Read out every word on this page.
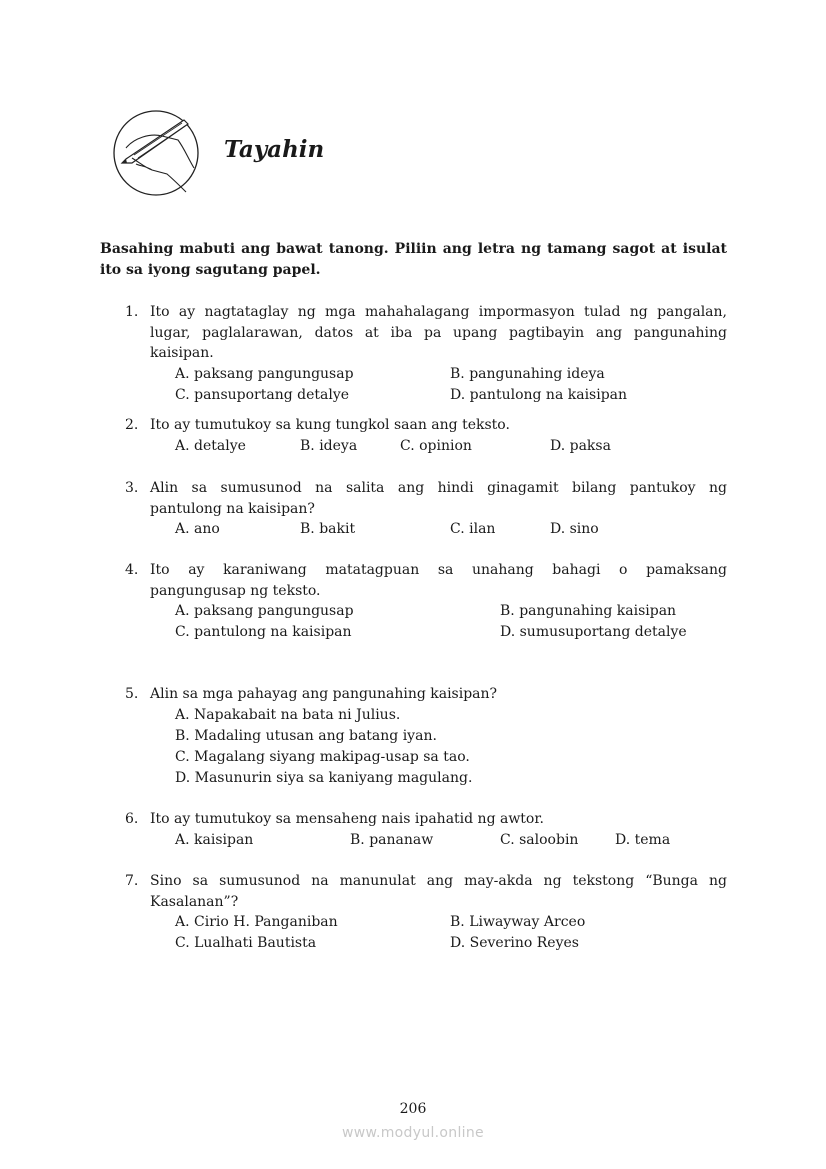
Tayahin
Basahing mabuti ang bawat tanong. Piliin ang letra ng tamang sagot at isulat
ito sa iyong sagutang papel.
1. Ito ay nagtataglay ng mga mahahalagang impormasyon tulad ng pangalan,
lugar, paglalarawan, datos at iba pa upang pagtibayin ang pangunahing
kaisipan.
A. paksang pangungusap	B. pangunahing ideya
C. pansuportang detalye	D. pantulong na kaisipan
2. Ito ay tumutukoy sa kung tungkol saan ang teksto.
A. detalye	B. ideya	C. opinion	D. paksa
3. Alin sa sumusunod na salita ang hindi ginagamit bilang pantukoy ng
pantulong na kaisipan?
A. ano	B. bakit	C. ilan	D. sino
4. Ito ay karaniwang matatagpuan sa unahang bahagi o pamaksang
pangungusap ng teksto.
A. paksang pangungusap	B. pangunahing kaisipan
C. pantulong na kaisipan	D. sumusuportang detalye
5. Alin sa mga pahayag ang pangunahing kaisipan?
A. Napakabait na bata ni Julius.
B. Madaling utusan ang batang iyan.
C. Magalang siyang makipag-usap sa tao.
D. Masunurin siya sa kaniyang magulang.
6. Ito ay tumutukoy sa mensaheng nais ipahatid ng awtor.
A. kaisipan	B. pananaw	C. saloobin	D. tema
7. Sino sa sumusunod na manunulat ang may-akda ng tekstong “Bunga ng
Kasalanan”?
A. Cirio H. Panganiban	B. Liwayway Arceo
C. Lualhati Bautista	D. Severino Reyes
206
www.modyul.online
